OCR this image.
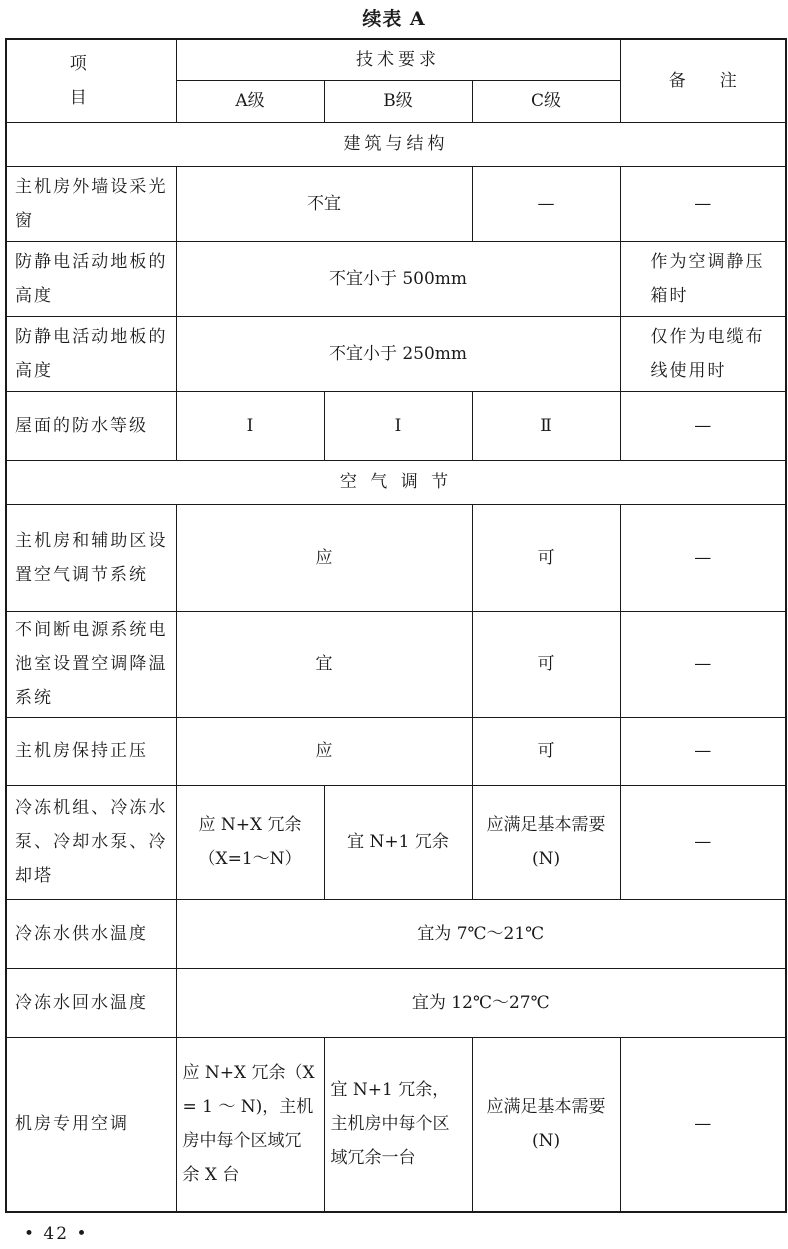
续表 A
项　　目	技术要求			备　　注
	A级	B级	C级	
建筑与结构				
主机房外墙设采光窗	不宜		—	—
防静电活动地板的高度	不宜小于 500mm			作为空调静压箱时
防静电活动地板的高度	不宜小于 250mm			仅作为电缆布线使用时
屋面的防水等级	Ⅰ	Ⅰ	Ⅱ	—
空 气 调 节				
主机房和辅助区设置空气调节系统	应		可	—
不间断电源系统电池室设置空调降温系统	宜		可	—
主机房保持正压	应		可	—
冷冻机组、冷冻水泵、冷却水泵、冷却塔	应 N+X 冗余（X=1～N）	宜 N+1 冗余	应满足基本需要(N)	—
冷冻水供水温度	宜为 7℃～21℃			
冷冻水回水温度	宜为 12℃～27℃			
机房专用空调	应 N+X 冗余（X = 1 ～ N)，主机房中每个区域冗余 X 台	宜 N+1 冗余，主机房中每个区域冗余一台	应满足基本需要(N)	—
• 42 •
